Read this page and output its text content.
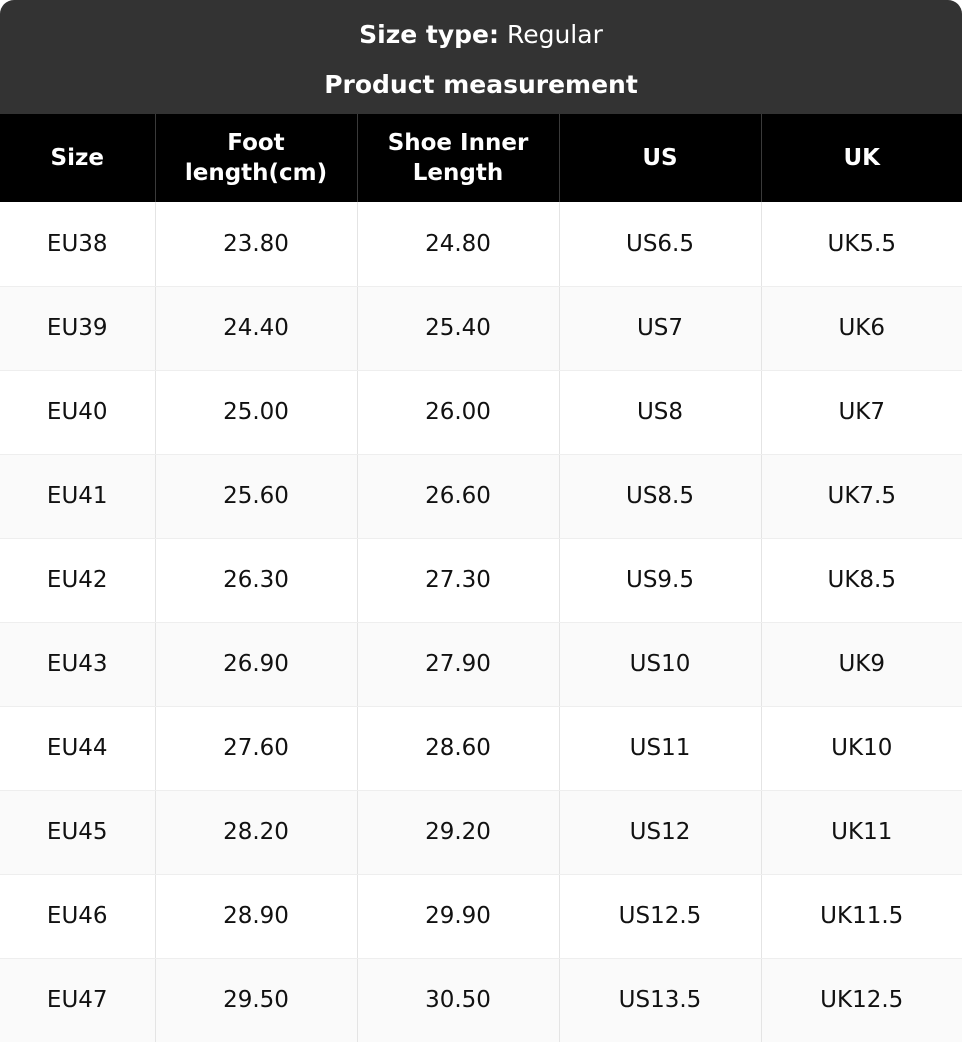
Size type: Regular
Product measurement
Size	Foot length(cm)	Shoe Inner Length	US	UK
EU38	23.80	24.80	US6.5	UK5.5
EU39	24.40	25.40	US7	UK6
EU40	25.00	26.00	US8	UK7
EU41	25.60	26.60	US8.5	UK7.5
EU42	26.30	27.30	US9.5	UK8.5
EU43	26.90	27.90	US10	UK9
EU44	27.60	28.60	US11	UK10
EU45	28.20	29.20	US12	UK11
EU46	28.90	29.90	US12.5	UK11.5
EU47	29.50	30.50	US13.5	UK12.5
